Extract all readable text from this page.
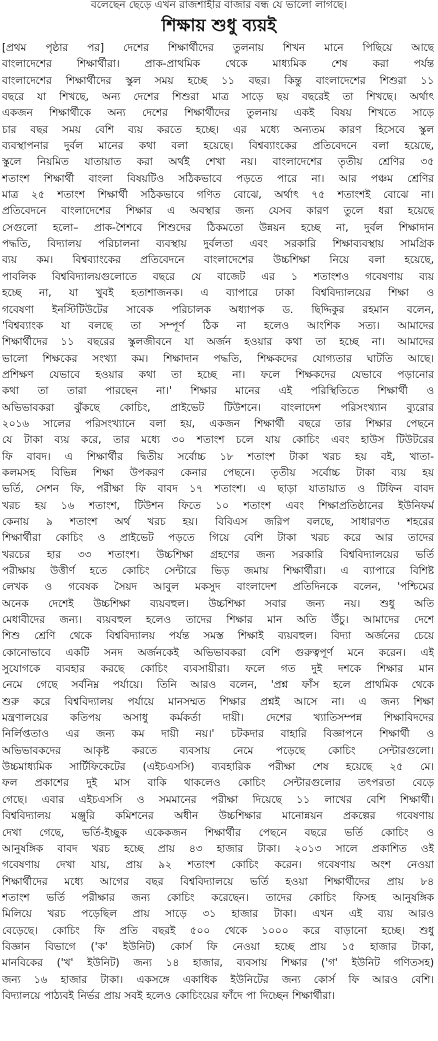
বলেছেন ছেড়ে এখন রাজশাহীর বাজার বন্ধ যে ভালো লাগছে।
শিক্ষায় শুধু ব্যয়ই
[প্রথম পৃষ্ঠার পর] দেশের শিক্ষার্থীদের তুলনায় শিখন মানে পিছিয়ে আছে
বাংলাদেশের শিক্ষার্থীরা। প্রাক-প্রাথমিক থেকে মাধ্যমিক শেষ করা পর্যন্ত
বাংলাদেশের শিক্ষার্থীদের স্কুল সময় হচ্ছে ১১ বছর। কিন্তু বাংলাদেশের শিশুরা ১১
বছরে যা শিখছে, অন্য দেশের শিশুরা মাত্র সাড়ে ছয় বছরেই তা শিখছে। অর্থাৎ
একজন শিক্ষার্থীকে অন্য দেশের শিক্ষার্থীদের তুলনায় একই বিষয় শিখতে সাড়ে
চার বছর সময় বেশি ব্যয় করতে হচ্ছে। এর মধ্যে অন্যতম কারণ হিসেবে স্কুল
ব্যবস্থাপনার দুর্বল মানের কথা বলা হয়েছে। বিশ্বব্যাংকের প্রতিবেদনে বলা হয়েছে,
স্কুলে নিয়মিত যাতায়াত করা অর্থই শেখা নয়। বাংলাদেশের তৃতীয় শ্রেণির ৩৫
শতাংশ শিক্ষার্থী বাংলা বিষয়টিও সঠিকভাবে পড়তে পারে না। আর পঞ্চম শ্রেণির
মাত্র ২৫ শতাংশ শিক্ষার্থী সঠিকভাবে গণিত বোঝে, অর্থাৎ ৭৫ শতাংশই বোঝে না।
প্রতিবেদনে বাংলাদেশের শিক্ষার এ অবস্থার জন্য যেসব কারণ তুলে ধরা হয়েছে
সেগুলো হলো– প্রাক-শৈশবে শিশুদের ঠিকমতো উন্নয়ন হচ্ছে না, দুর্বল শিক্ষাদান
পদ্ধতি, বিদ্যালয় পরিচালনা ব্যবস্থায় দুর্বলতা এবং সরকারি শিক্ষাব্যবস্থায় সামগ্রিক
ব্যয় কম। বিশ্বব্যাংকের প্রতিবেদনে বাংলাদেশের উচ্চশিক্ষা নিয়ে বলা হয়েছে,
পাবলিক বিশ্ববিদ্যালয়গুলোতে বছরে যে বাজেট এর ১ শতাংশও গবেষণায় ব্যয়
হচ্ছে না, যা খুবই হতাশাজনক। এ ব্যাপারে ঢাকা বিশ্ববিদ্যালয়ের শিক্ষা ও
গবেষণা ইনস্টিটিউটের সাবেক পরিচালক অধ্যাপক ড. ছিদ্দিকুর রহমান বলেন,
'বিশ্বব্যাংক যা বলছে তা সম্পূর্ণ ঠিক না হলেও আংশিক সত্য। আমাদের
শিক্ষার্থীদের ১১ বছরের স্কুলজীবনে যা অর্জন হওয়ার কথা তা হচ্ছে না। আমাদের
ভালো শিক্ষকের সংখ্যা কম। শিক্ষাদান পদ্ধতি, শিক্ষকদের যোগ্যতার ঘাটতি আছে।
প্রশিক্ষণ যেভাবে হওয়ার কথা তা হচ্ছে না। ফলে শিক্ষকদের যেভাবে পড়ানোর
কথা তা তারা পারছেন না।' শিক্ষার মানের এই পরিস্থিতিতে শিক্ষার্থী ও
অভিভাবকরা ঝুঁকছে কোচিং, প্রাইভেট টিউশনে। বাংলাদেশ পরিসংখ্যান ব্যুরোর
২০১৬ সালের পরিসংখ্যানে বলা হয়, একজন শিক্ষার্থী বছরে তার শিক্ষার পেছনে
যে টাকা ব্যয় করে, তার মধ্যে ৩০ শতাংশ চলে যায় কোচিং এবং হাউস টিউটরের
ফি বাবদ। এ শিক্ষার্থীর দ্বিতীয় সর্বোচ্চ ১৮ শতাংশ টাকা খরচ হয় বই, খাতা-
কলমসহ বিভিন্ন শিক্ষা উপকরণ কেনার পেছনে। তৃতীয় সর্বোচ্চ টাকা ব্যয় হয়
ভর্তি, সেশন ফি, পরীক্ষা ফি বাবদ ১৭ শতাংশ। এ ছাড়া যাতায়াত ও টিফিন বাবদ
খরচ হয় ১৬ শতাংশ, টিউশন ফিতে ১০ শতাংশ এবং শিক্ষাপ্রতিষ্ঠানের ইউনিফর্ম
কেনায় ৯ শতাংশ অর্থ খরচ হয়। বিবিএস জরিপ বলছে, সাধারণত শহরের
শিক্ষার্থীরা কোচিং ও প্রাইভেট পড়তে গিয়ে বেশি টাকা খরচ করে আর তাদের
খরচের হার ৩৩ শতাংশ। উচ্চশিক্ষা গ্রহণের জন্য সরকারি বিশ্ববিদ্যালয়ের ভর্তি
পরীক্ষায় উত্তীর্ণ হতে কোচিং সেন্টারে ভিড় জমায় শিক্ষার্থীরা। এ ব্যাপারে বিশিষ্ট
লেখক ও গবেষক সৈয়দ আবুল মকসুদ বাংলাদেশ প্রতিদিনকে বলেন, 'পশ্চিমের
অনেক দেশেই উচ্চশিক্ষা ব্যয়বহুল। উচ্চশিক্ষা সবার জন্য নয়। শুধু অতি
মেধাবীদের জন্য। ব্যয়বহুল হলেও তাদের শিক্ষার মান অতি উঁচু। আমাদের দেশে
শিশু শ্রেণি থেকে বিশ্ববিদ্যালয় পর্যন্ত সমস্ত শিক্ষাই ব্যয়বহুল। বিদ্যা অর্জনের চেয়ে
কোনোভাবে একটি সনদ অর্জনকেই অভিভাবকরা বেশি গুরুত্বপূর্ণ মনে করেন। এই
সুযোগকে ব্যবহার করছে কোচিং ব্যবসায়ীরা। ফলে গত দুই দশকে শিক্ষার মান
নেমে গেছে সর্বনিম্ন পর্যায়ে। তিনি আরও বলেন, 'প্রশ্ন ফাঁস হলে প্রাথমিক থেকে
শুরু করে বিশ্ববিদ্যালয় পর্যায়ে মানসম্মত শিক্ষার প্রশ্নই আসে না। এ জন্য শিক্ষা
মন্ত্রণালয়ের কতিপয় অসাধু কর্মকর্তা দায়ী। দেশের খ্যাতিসম্পন্ন শিক্ষাবিদদের
নির্লিপ্ততাও এর জন্য কম দায়ী নয়।' চটকদার বাহারি বিজ্ঞাপনে শিক্ষার্থী ও
অভিভাবকদের আকৃষ্ট করতে ব্যবসায় নেমে পড়েছে কোচিং সেন্টারগুলো।
উচ্চমাধ্যমিক সার্টিফিকেটের (এইচএসসি) ব্যবহারিক পরীক্ষা শেষ হয়েছে ২৫ মে।
ফল প্রকাশের দুই মাস বাকি থাকলেও কোচিং সেন্টারগুলোর তৎপরতা বেড়ে
গেছে। এবার এইচএসসি ও সমমানের পরীক্ষা দিয়েছে ১১ লাখের বেশি শিক্ষার্থী।
বিশ্ববিদ্যালয় মঞ্জুরি কমিশনের অধীন উচ্চশিক্ষার মানোন্নয়ন প্রকল্পের গবেষণায়
দেখা গেছে, ভর্তি-ইচ্ছুক একেকজন শিক্ষার্থীর পেছনে বছরে ভর্তি কোচিং ও
আনুষঙ্গিক বাবদ খরচ হচ্ছে প্রায় ৪৩ হাজার টাকা। ২০১৩ সালে প্রকাশিত ওই
গবেষণায় দেখা যায়, প্রায় ৯২ শতাংশ কোচিং করেন। গবেষণায় অংশ নেওয়া
শিক্ষার্থীদের মধ্যে আগের বছর বিশ্ববিদ্যালয়ে ভর্তি হওয়া শিক্ষার্থীদের প্রায় ৮৪
শতাংশ ভর্তি পরীক্ষার জন্য কোচিং করেছেন। তাদের কোচিং ফিসহ আনুষঙ্গিক
মিলিয়ে খরচ পড়েছিল প্রায় সাড়ে ৩১ হাজার টাকা। এখন এই ব্যয় আরও
বেড়েছে। কোচিং ফি প্রতি বছরই ৫০০ থেকে ১০০০ করে বাড়ানো হচ্ছে। শুধু
বিজ্ঞান বিভাগে ('ক' ইউনিট) কোর্স ফি নেওয়া হচ্ছে প্রায় ১৫ হাজার টাকা,
মানবিকের ('খ' ইউনিট) জন্য ১৪ হাজার, ব্যবসায় শিক্ষার ('গ' ইউনিট গণিতসহ)
জন্য ১৬ হাজার টাকা। একসঙ্গে একাধিক ইউনিটের জন্য কোর্স ফি আরও বেশি।
বিদ্যালয়ে পাঠ্যবই নির্ভর প্রায় সবই হলেও কোচিংয়ের ফাঁদে পা দিচ্ছেন শিক্ষার্থীরা।
